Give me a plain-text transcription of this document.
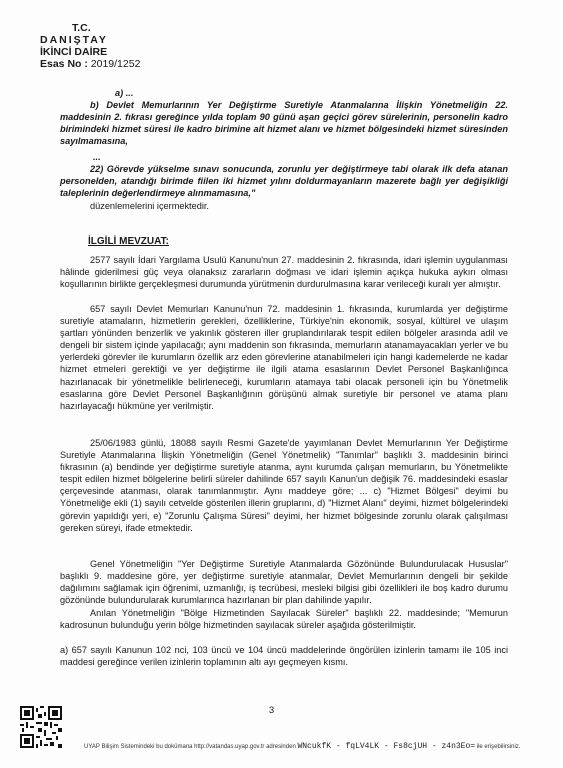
T.C.
DANIŞTAY
İKİNCİ DAİRE
Esas No : 2019/1252

a) ...

b) Devlet Memurlarının Yer Değiştirme Suretiyle Atanmalarına İlişkin Yönetmeliğin 22. maddesinin 2. fıkrası gereğince yılda toplam 90 günü aşan geçici görev sürelerinin, personelin kadro birimindeki hizmet süresi ile kadro birimine ait hizmet alanı ve hizmet bölgesindeki hizmet süresinden sayılmamasına,

...

22) Görevde yükselme sınavı sonucunda, zorunlu yer değiştirmeye tabi olarak ilk defa atanan personelden, atandığı birimde fiilen iki hizmet yılını doldurmayanların mazerete bağlı yer değişikliği taleplerinin değerlendirmeye alınmamasına,"

düzenlemelerini içermektedir.

İLGİLİ MEVZUAT:

2577 sayılı İdari Yargılama Usulü Kanunu'nun 27. maddesinin 2. fıkrasında, idari işlemin uygulanması hâlinde giderilmesi güç veya olanaksız zararların doğması ve idari işlemin açıkça hukuka aykırı olması koşullarının birlikte gerçekleşmesi durumunda yürütmenin durdurulmasına karar verileceği kuralı yer almıştır.

657 sayılı Devlet Memurları Kanunu'nun 72. maddesinin 1. fıkrasında, kurumlarda yer değiştirme suretiyle atamaların, hizmetlerin gerekleri, özelliklerine, Türkiye'nin ekonomik, sosyal, kültürel ve ulaşım şartları yönünden benzerlik ve yakınlık gösteren iller gruplandırılarak tespit edilen bölgeler arasında adil ve dengeli bir sistem içinde yapılacağı; aynı maddenin son fıkrasında, memurların atanamayacakları yerler ve bu yerlerdeki görevler ile kurumların özellik arz eden görevlerine atanabilmeleri için hangi kademelerde ne kadar hizmet etmeleri gerektiği ve yer değiştirme ile ilgili atama esaslarının Devlet Personel Başkanlığınca hazırlanacak bir yönetmelikle belirleneceği, kurumların atamaya tabi olacak personeli için bu Yönetmelik esaslarına göre Devlet Personel Başkanlığının görüşünü almak suretiyle bir personel ve atama planı hazırlayacağı hükmüne yer verilmiştir.

25/06/1983 günlü, 18088 sayılı Resmi Gazete'de yayımlanan Devlet Memurlarının Yer Değiştirme Suretiyle Atanmalarına İlişkin Yönetmeliğin (Genel Yönetmelik) "Tanımlar" başlıklı 3. maddesinin birinci fıkrasının (a) bendinde yer değiştirme suretiyle atanma, aynı kurumda çalışan memurların, bu Yönetmelikte tespit edilen hizmet bölgelerine belirli süreler dahilinde 657 sayılı Kanun'un değişik 76. maddesindeki esaslar çerçevesinde atanması, olarak tanımlanmıştır. Aynı maddeye göre; ... c) "Hizmet Bölgesi" deyimi bu Yönetmeliğe ekli (1) sayılı cetvelde gösterilen illerin gruplarını, d) "Hizmet Alanı" deyimi, hizmet bölgelerindeki görevin yapıldığı yeri, e) "Zorunlu Çalışma Süresi" deyimi, her hizmet bölgesinde zorunlu olarak çalışılması gereken süreyi, ifade etmektedir.

Genel Yönetmeliğin "Yer Değiştirme Suretiyle Atanmalarda Gözönünde Bulundurulacak Hususlar" başlıklı 9. maddesine göre, yer değiştirme suretiyle atanmalar, Devlet Memurlarının dengeli bir şekilde dağılımını sağlamak için öğrenimi, uzmanlığı, iş tecrübesi, mesleki bilgisi gibi özellikleri ile boş kadro durumu gözönünde bulundurularak kurumlarınca hazırlanan bir plan dahilinde yapılır.

Anılan Yönetmeliğin "Bölge Hizmetinden Sayılacak Süreler" başlıklı 22. maddesinde; "Memurun kadrosunun bulunduğu yerin bölge hizmetinden sayılacak süreler aşağıda gösterilmiştir.

a) 657 sayılı Kanunun 102 nci, 103 üncü ve 104 üncü maddelerinde öngörülen izinlerin tamamı ile 105 inci maddesi gereğince verilen izinlerin toplamının altı ayı geçmeyen kısmı.

3
UYAP Bilişim Sistemindeki bu dokümana http://vatandas.uyap.gov.tr adresinden WNcukfK - fqLV4LK - Fs8cjUH - z4n3Eo= ile erişebilirsiniz.
